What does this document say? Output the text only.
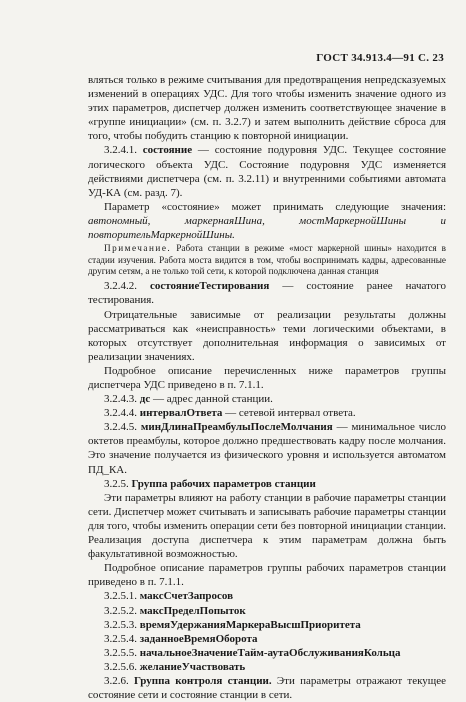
ГОСТ 34.913.4—91 С. 23

вляться только в режиме считывания для предотвращения непредсказуемых изменений в операциях УДС. Для того чтобы изменить значение одного из этих параметров, диспетчер должен изменить соответствующее значение в «группе инициации» (см. п. 3.2.7) и затем выполнить действие сброса для того, чтобы побудить станцию к повторной инициации.

3.2.4.1. состояние — состояние подуровня УДС. Текущее состояние логического объекта УДС. Состояние подуровня УДС изменяется действиями диспетчера (см. п. 3.2.11) и внутренними событиями автомата УД-КА (см. разд. 7).

Параметр «состояние» может принимать следующие значения: автономный, маркернаяШина, мостМаркернойШины и повторительМаркернойШины.

Примечание. Работа станции в режиме «мост маркерной шины» находится в стадии изучения. Работа моста видится в том, чтобы воспринимать кадры, адресованные другим сетям, а не только той сети, к которой подключена данная станция

3.2.4.2. состояниеТестирования — состояние ранее начатого тестирования.

Отрицательные зависимые от реализации результаты должны рассматриваться как «неисправность» теми логическими объектами, в которых отсутствует дополнительная информация о зависимых от реализации значениях.

Подробное описание перечисленных ниже параметров группы диспетчера УДС приведено в п. 7.1.1.

3.2.4.3. дс — адрес данной станции.

3.2.4.4. интервалОтвета — сетевой интервал ответа.

3.2.4.5. минДлинаПреамбулыПослеМолчания — минимальное число октетов преамбулы, которое должно предшествовать кадру после молчания. Это значение получается из физического уровня и используется автоматом ПД_КА.

3.2.5. Группа рабочих параметров станции

Эти параметры влияют на работу станции в рабочие параметры станции сети. Диспетчер может считывать и записывать рабочие параметры станции для того, чтобы изменить операции сети без повторной инициации станции. Реализация доступа диспетчера к этим параметрам должна быть факультативной возможностью.

Подробное описание параметров группы рабочих параметров станции приведено в п. 7.1.1.

3.2.5.1. максСчетЗапросов

3.2.5.2. максПределПопыток

3.2.5.3. времяУдержанияМаркераВысшПриоритета

3.2.5.4. заданноеВремяОборота

3.2.5.5. начальноеЗначениеТайм-аутаОбслуживанияКольца

3.2.5.6. желаниеУчаствовать

3.2.6. Группа контроля станции. Эти параметры отражают текущее состояние сети и состояние станции в сети.
